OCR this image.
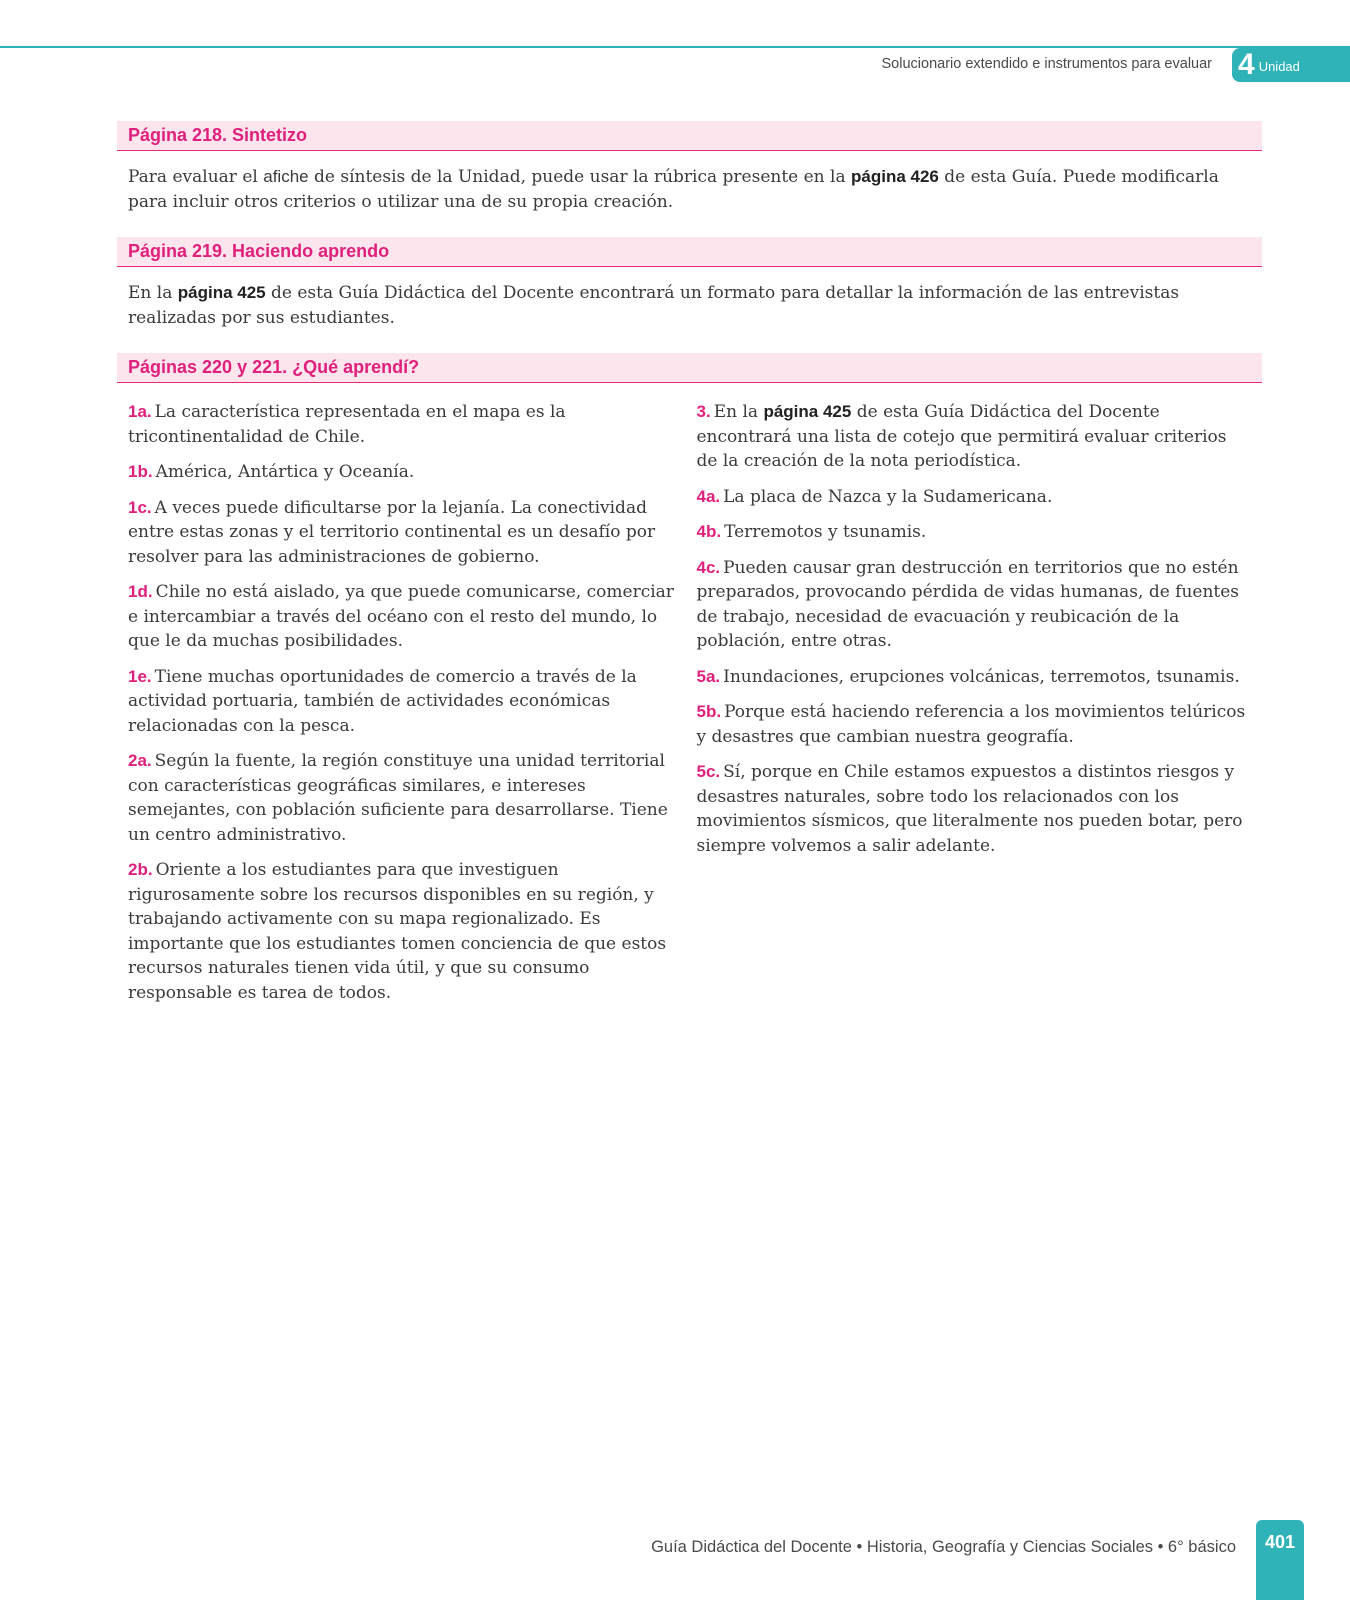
Solucionario extendido e instrumentos para evaluar 4 Unidad
Página 218. Sintetizo

Para evaluar el afiche de síntesis de la Unidad, puede usar la rúbrica presente en la página 426 de esta Guía. Puede modificarla para incluir otros criterios o utilizar una de su propia creación.

Página 219. Haciendo aprendo

En la página 425 de esta Guía Didáctica del Docente encontrará un formato para detallar la información de las entrevistas realizadas por sus estudiantes.

Páginas 220 y 221. ¿Qué aprendí?

1a. La característica representada en el mapa es la tricontinentalidad de Chile.

1b. América, Antártica y Oceanía.

1c. A veces puede dificultarse por la lejanía. La conectividad entre estas zonas y el territorio continental es un desafío por resolver para las administraciones de gobierno.

1d. Chile no está aislado, ya que puede comunicarse, comerciar e intercambiar a través del océano con el resto del mundo, lo que le da muchas posibilidades.

1e. Tiene muchas oportunidades de comercio a través de la actividad portuaria, también de actividades económicas relacionadas con la pesca.

2a. Según la fuente, la región constituye una unidad territorial con características geográficas similares, e intereses semejantes, con población suficiente para desarrollarse. Tiene un centro administrativo.

2b. Oriente a los estudiantes para que investiguen rigurosamente sobre los recursos disponibles en su región, y trabajando activamente con su mapa regionalizado. Es importante que los estudiantes tomen conciencia de que estos recursos naturales tienen vida útil, y que su consumo responsable es tarea de todos.

3. En la página 425 de esta Guía Didáctica del Docente encontrará una lista de cotejo que permitirá evaluar criterios de la creación de la nota periodística.

4a. La placa de Nazca y la Sudamericana.

4b. Terremotos y tsunamis.

4c. Pueden causar gran destrucción en territorios que no estén preparados, provocando pérdida de vidas humanas, de fuentes de trabajo, necesidad de evacuación y reubicación de la población, entre otras.

5a. Inundaciones, erupciones volcánicas, terremotos, tsunamis.

5b. Porque está haciendo referencia a los movimientos telúricos y desastres que cambian nuestra geografía.

5c. Sí, porque en Chile estamos expuestos a distintos riesgos y desastres naturales, sobre todo los relacionados con los movimientos sísmicos, que literalmente nos pueden botar, pero siempre volvemos a salir adelante.

Guía Didáctica del Docente • Historia, Geografía y Ciencias Sociales • 6° básico	401
